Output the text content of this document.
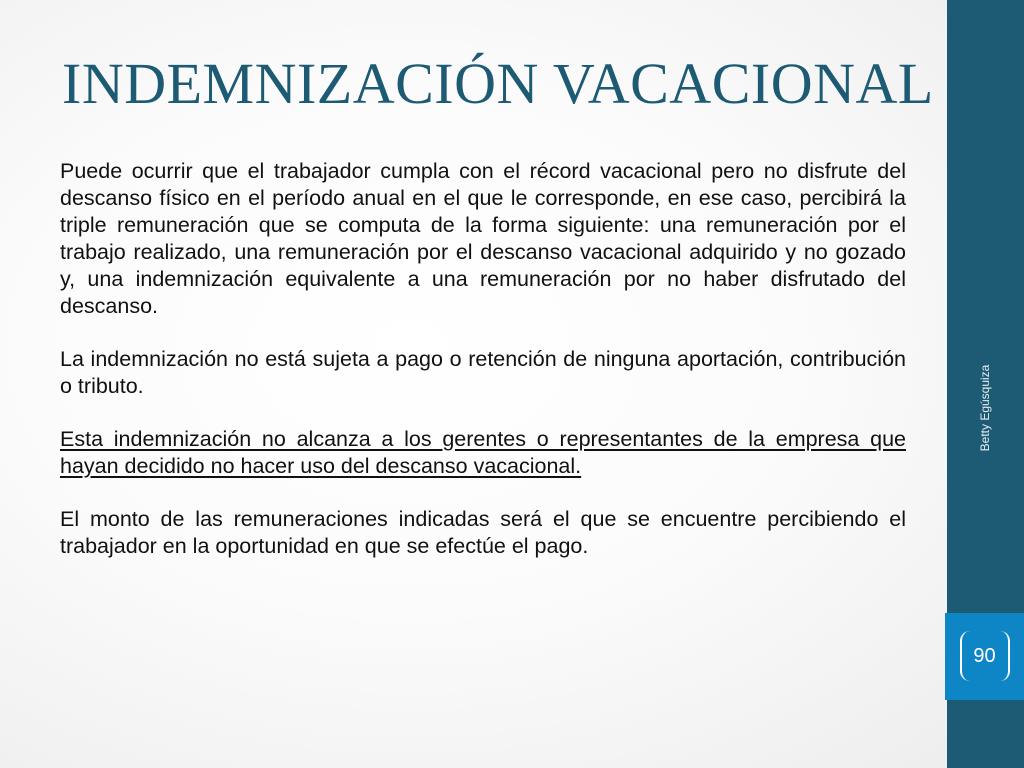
INDEMNIZACIÓN VACACIONAL

Puede ocurrir que el trabajador cumpla con el récord vacacional pero no disfrute del descanso físico en el período anual en el que le corresponde, en ese caso, percibirá la triple remuneración que se computa de la forma siguiente: una remuneración por el trabajo realizado, una remuneración por el descanso vacacional adquirido y no gozado y, una indemnización equivalente a una remuneración por no haber disfrutado del descanso.

La indemnización no está sujeta a pago o retención de ninguna aportación, contribución o tributo.

Esta indemnización no alcanza a los gerentes o representantes de la empresa que hayan decidido no hacer uso del descanso vacacional.

El monto de las remuneraciones indicadas será el que se encuentre percibiendo el trabajador en la oportunidad en que se efectúe el pago.

Betty Egúsquiza
90
